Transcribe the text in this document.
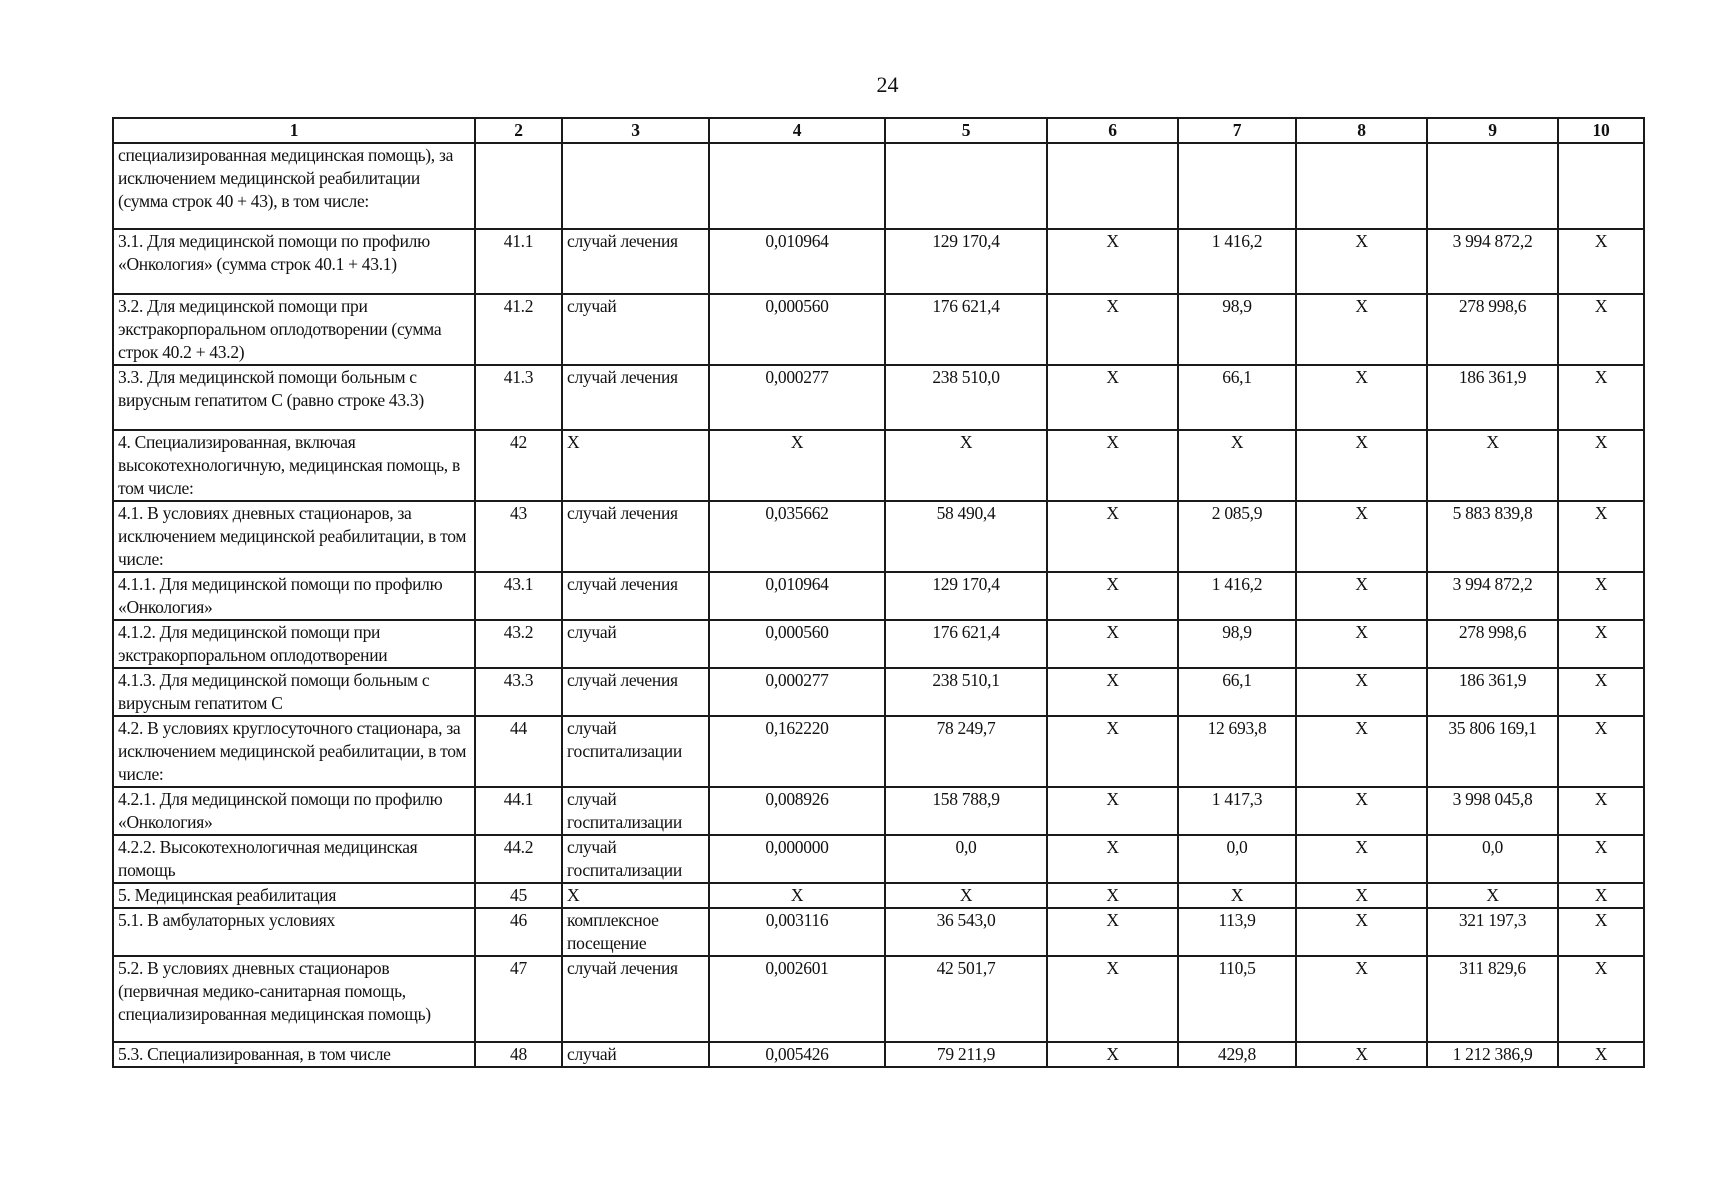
24
1	2	3	4	5	6	7	8	9	10
специализированная медицинская помощь), за исключением медицинской реабилитации (сумма строк 40 + 43), в том числе:									
3.1. Для медицинской помощи по профилю «Онкология» (сумма строк 40.1 + 43.1)	41.1	случай лечения	0,010964	129 170,4	X	1 416,2	X	3 994 872,2	X
3.2. Для медицинской помощи при экстракорпоральном оплодотворении (сумма строк 40.2 + 43.2)	41.2	случай	0,000560	176 621,4	X	98,9	X	278 998,6	X
3.3. Для медицинской помощи больным с вирусным гепатитом С (равно строке 43.3)	41.3	случай лечения	0,000277	238 510,0	X	66,1	X	186 361,9	X
4. Специализированная, включая высокотехнологичную, медицинская помощь, в том числе:	42	X	X	X	X	X	X	X	X
4.1. В условиях дневных стационаров, за исключением медицинской реабилитации, в том числе:	43	случай лечения	0,035662	58 490,4	X	2 085,9	X	5 883 839,8	X
4.1.1. Для медицинской помощи по профилю «Онкология»	43.1	случай лечения	0,010964	129 170,4	X	1 416,2	X	3 994 872,2	X
4.1.2. Для медицинской помощи при экстракорпоральном оплодотворении	43.2	случай	0,000560	176 621,4	X	98,9	X	278 998,6	X
4.1.3. Для медицинской помощи больным с вирусным гепатитом С	43.3	случай лечения	0,000277	238 510,1	X	66,1	X	186 361,9	X
4.2. В условиях круглосуточного стационара, за исключением медицинской реабилитации, в том числе:	44	случай госпитализации	0,162220	78 249,7	X	12 693,8	X	35 806 169,1	X
4.2.1. Для медицинской помощи по профилю «Онкология»	44.1	случай госпитализации	0,008926	158 788,9	X	1 417,3	X	3 998 045,8	X
4.2.2. Высокотехнологичная медицинская помощь	44.2	случай госпитализации	0,000000	0,0	X	0,0	X	0,0	X
5. Медицинская реабилитация	45	X	X	X	X	X	X	X	X
5.1. В амбулаторных условиях	46	комплексное посещение	0,003116	36 543,0	X	113,9	X	321 197,3	X
5.2. В условиях дневных стационаров (первичная медико-санитарная помощь, специализированная медицинская помощь)	47	случай лечения	0,002601	42 501,7	X	110,5	X	311 829,6	X
5.3. Специализированная, в том числе	48	случай	0,005426	79 211,9	X	429,8	X	1 212 386,9	X
